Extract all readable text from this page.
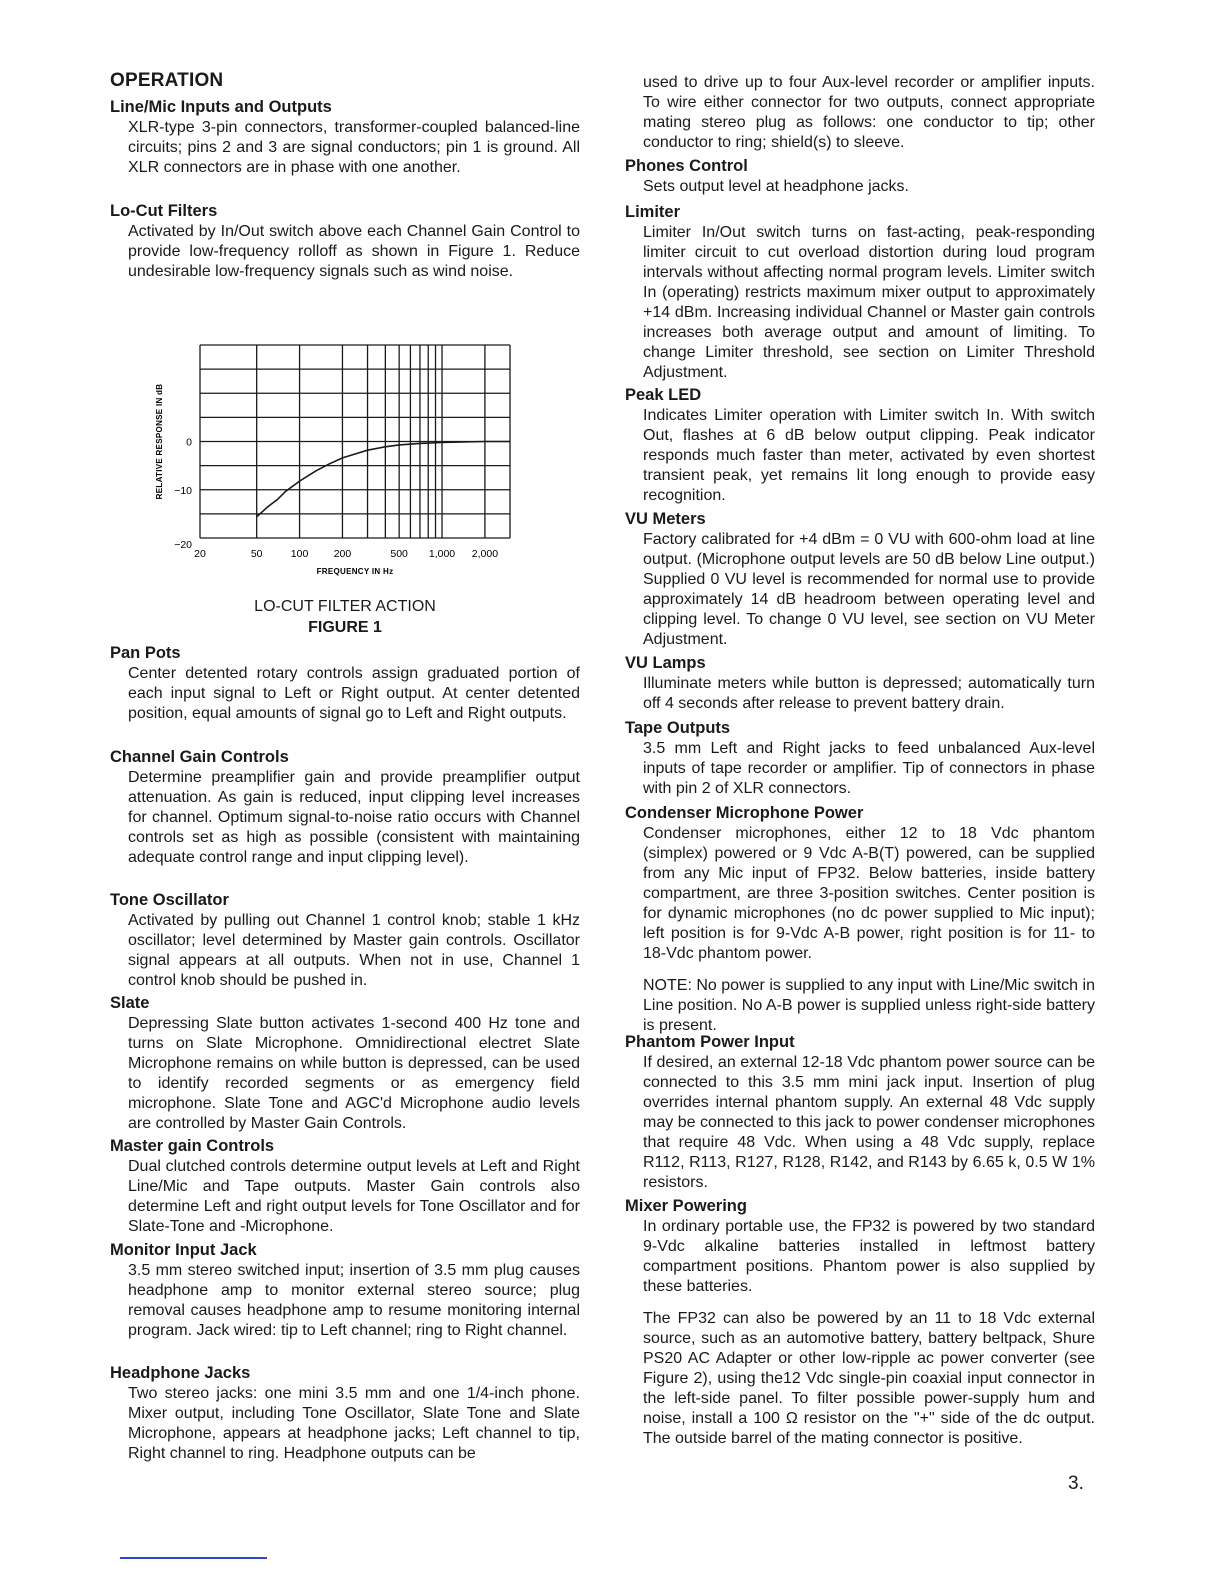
OPERATION
Line/Mic Inputs and Outputs

XLR-type 3-pin connectors, transformer-coupled balanced-line circuits; pins 2 and 3 are signal conductors; pin 1 is ground. All XLR connectors are in phase with one another.

Lo-Cut Filters

Activated by In/Out switch above each Channel Gain Control to provide low-frequency rolloff as shown in Figure 1. Reduce undesirable low-frequency signals such as wind noise.

Pan Pots

Center detented rotary controls assign graduated portion of each input signal to Left or Right output. At center detented position, equal amounts of signal go to Left and Right outputs.

Channel Gain Controls

Determine preamplifier gain and provide preamplifier output attenuation. As gain is reduced, input clipping level increases for channel. Optimum signal-to-noise ratio occurs with Channel controls set as high as possible (consistent with maintaining adequate control range and input clipping level).

Tone Oscillator

Activated by pulling out Channel 1 control knob; stable 1 kHz oscillator; level determined by Master gain controls. Oscillator signal appears at all outputs. When not in use, Channel 1 control knob should be pushed in.

Slate

Depressing Slate button activates 1-second 400 Hz tone and turns on Slate Microphone. Omnidirectional electret Slate Microphone remains on while button is depressed, can be used to identify recorded segments or as emergency field microphone. Slate Tone and AGC'd Microphone audio levels are controlled by Master Gain Controls.

Master gain Controls

Dual clutched controls determine output levels at Left and Right Line/Mic and Tape outputs. Master Gain controls also determine Left and right output levels for Tone Oscillator and for Slate-Tone and -Microphone.

Monitor Input Jack

3.5 mm stereo switched input; insertion of 3.5 mm plug causes headphone amp to monitor external stereo source; plug removal causes headphone amp to resume monitoring internal program. Jack wired: tip to Left channel; ring to Right channel.

Headphone Jacks

Two stereo jacks: one mini 3.5 mm and one 1/4-inch phone. Mixer output, including Tone Oscillator, Slate Tone and Slate Microphone, appears at headphone jacks; Left channel to tip, Right channel to ring. Headphone outputs can be

20	50	100 200	500 1,000 2,000
0
−10
−20
RELATIVE RESPONSE IN dB
FREQUENCY IN Hz
LO-CUT FILTER ACTION
FIGURE 1

used to drive up to four Aux-level recorder or amplifier inputs. To wire either connector for two outputs, connect appropriate mating stereo plug as follows: one conductor to tip; other conductor to ring; shield(s) to sleeve.

Phones Control

Sets output level at headphone jacks.

Limiter

Limiter In/Out switch turns on fast-acting, peak-responding limiter circuit to cut overload distortion during loud program intervals without affecting normal program levels. Limiter switch In (operating) restricts maximum mixer output to approximately +14 dBm. Increasing individual Channel or Master gain controls increases both average output and amount of limiting. To change Limiter threshold, see section on Limiter Threshold Adjustment.

Peak LED

Indicates Limiter operation with Limiter switch In. With switch Out, flashes at 6 dB below output clipping. Peak indicator responds much faster than meter, activated by even shortest transient peak, yet remains lit long enough to provide easy recognition.

VU Meters

Factory calibrated for +4 dBm = 0 VU with 600-ohm load at line output. (Microphone output levels are 50 dB below Line output.) Supplied 0 VU level is recommended for normal use to provide approximately 14 dB headroom between operating level and clipping level. To change 0 VU level, see section on VU Meter Adjustment.

VU Lamps

Illuminate meters while button is depressed; automatically turn off 4 seconds after release to prevent battery drain.

Tape Outputs

3.5 mm Left and Right jacks to feed unbalanced Aux-level inputs of tape recorder or amplifier. Tip of connectors in phase with pin 2 of XLR connectors.

Condenser Microphone Power

Condenser microphones, either 12 to 18 Vdc phantom (simplex) powered or 9 Vdc A-B(T) powered, can be supplied from any Mic input of FP32. Below batteries, inside battery compartment, are three 3-position switches. Center position is for dynamic microphones (no dc power supplied to Mic input); left position is for 9-Vdc A-B power, right position is for 11- to 18-Vdc phantom power.

NOTE: No power is supplied to any input with Line/Mic switch in Line position. No A-B power is supplied unless right-side battery is present.

Phantom Power Input

If desired, an external 12-18 Vdc phantom power source can be connected to this 3.5 mm mini jack input. Insertion of plug overrides internal phantom supply. An external 48 Vdc supply may be connected to this jack to power condenser microphones that require 48 Vdc. When using a 48 Vdc supply, replace R112, R113, R127, R128, R142, and R143 by 6.65 k, 0.5 W 1% resistors.

Mixer Powering

In ordinary portable use, the FP32 is powered by two standard 9-Vdc alkaline batteries installed in leftmost battery compartment positions. Phantom power is also supplied by these batteries.

The FP32 can also be powered by an 11 to 18 Vdc external source, such as an automotive battery, battery beltpack, Shure PS20 AC Adapter or other low-ripple ac power converter (see Figure 2), using the12 Vdc single-pin coaxial input connector in the left-side panel. To filter possible power-supply hum and noise, install a 100 Ω resistor on the "+" side of the dc output. The outside barrel of the mating connector is positive.

3.
